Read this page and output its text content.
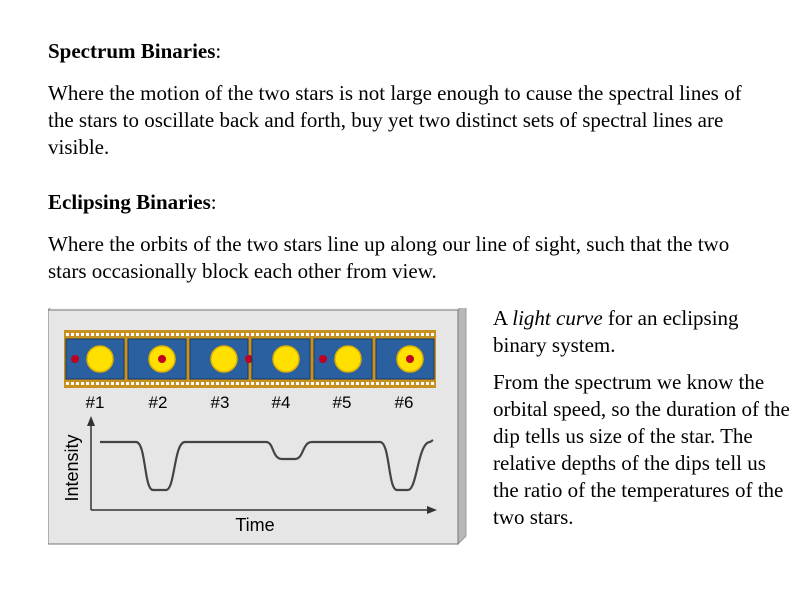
Spectrum Binaries:
Where the motion of the two stars is not large enough to cause the spectral lines of the stars to oscillate back and forth, buy yet two distinct sets of spectral lines are visible.
Eclipsing Binaries:
Where the orbits of the two stars line up along our line of sight, such that the two stars occasionally block each other from view.
#1	#2	#3 #4 #5	#6
Intensity
Time

A light curve for an eclipsing binary system.

From the spectrum we know the orbital speed, so the duration of the dip tells us size of the star. The relative depths of the dips tell us the ratio of the temperatures of the two stars.
